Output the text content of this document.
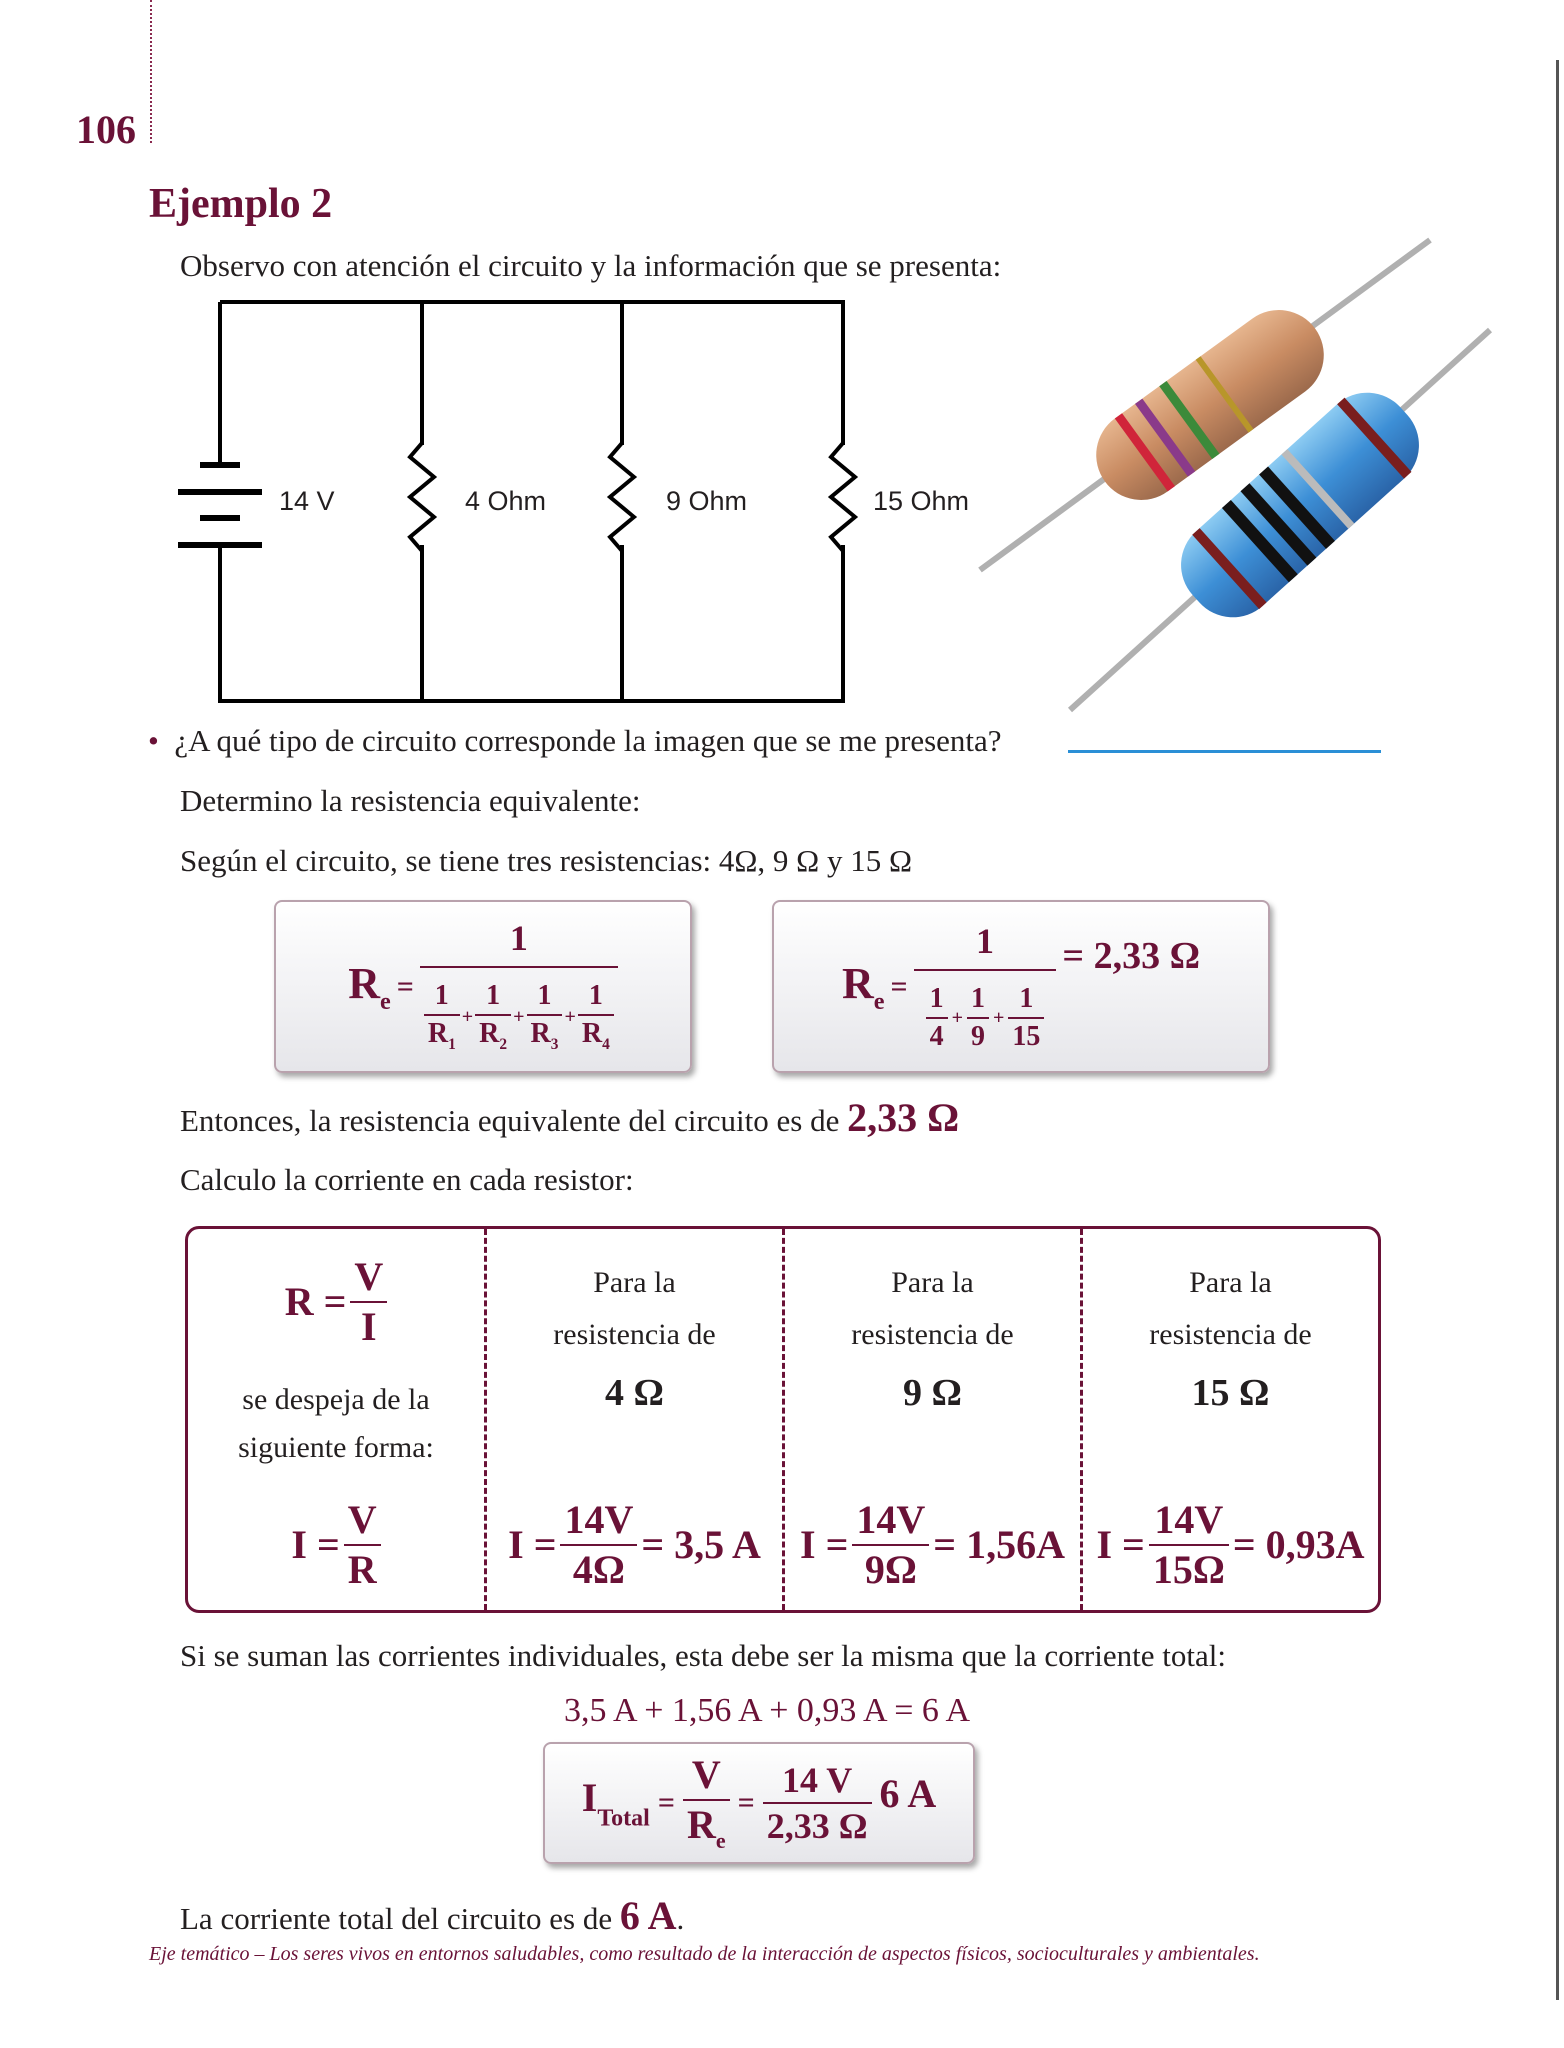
106
Ejemplo 2
Observo con atención el circuito y la información que se presenta:
14 V	4 Ohm	9 Ohm	15 Ohm
•  ¿A qué tipo de circuito corresponde la imagen que se me presenta?
Determino la resistencia equivalente:
Según el circuito, se tiene tres resistencias: 4Ω, 9 Ω y 15 Ω
$R_e = \frac{1}{\frac{1}{R_1} + \frac{1}{R_2} + \frac{1}{R_3} + \frac{1}{R_4}}$	$R_e = \frac{1}{\frac{1}{4} + \frac{1}{9} + \frac{1}{15}} = 2,33$ Ω
Entonces, la resistencia equivalente del circuito es de 2,33 Ω
Calculo la corriente en cada resistor:
$R = \frac{V}{I}$
se despeja de la
siguiente forma:
$I = \frac{V}{R}$
Para la
resistencia de
4 Ω
$I = \frac{14V}{4\Omega} = 3,5$ A
Para la
resistencia de
9 Ω
$I = \frac{14V}{9\Omega} = 1,56A$
Para la
resistencia de
15 Ω
$I = \frac{14V}{15\Omega} = 0,93A$
Si se suman las corrientes individuales, esta debe ser la misma que la corriente total:
3,5 A + 1,56 A + 0,93 A = 6 A
$I_{Total} = \frac{V}{R_e} = \frac{14 V}{2,33 \Omega} 6$ A
La corriente total del circuito es de 6 A.
Eje temático – Los seres vivos en entornos saludables, como resultado de la interacción de aspectos físicos, socioculturales y ambientales.
